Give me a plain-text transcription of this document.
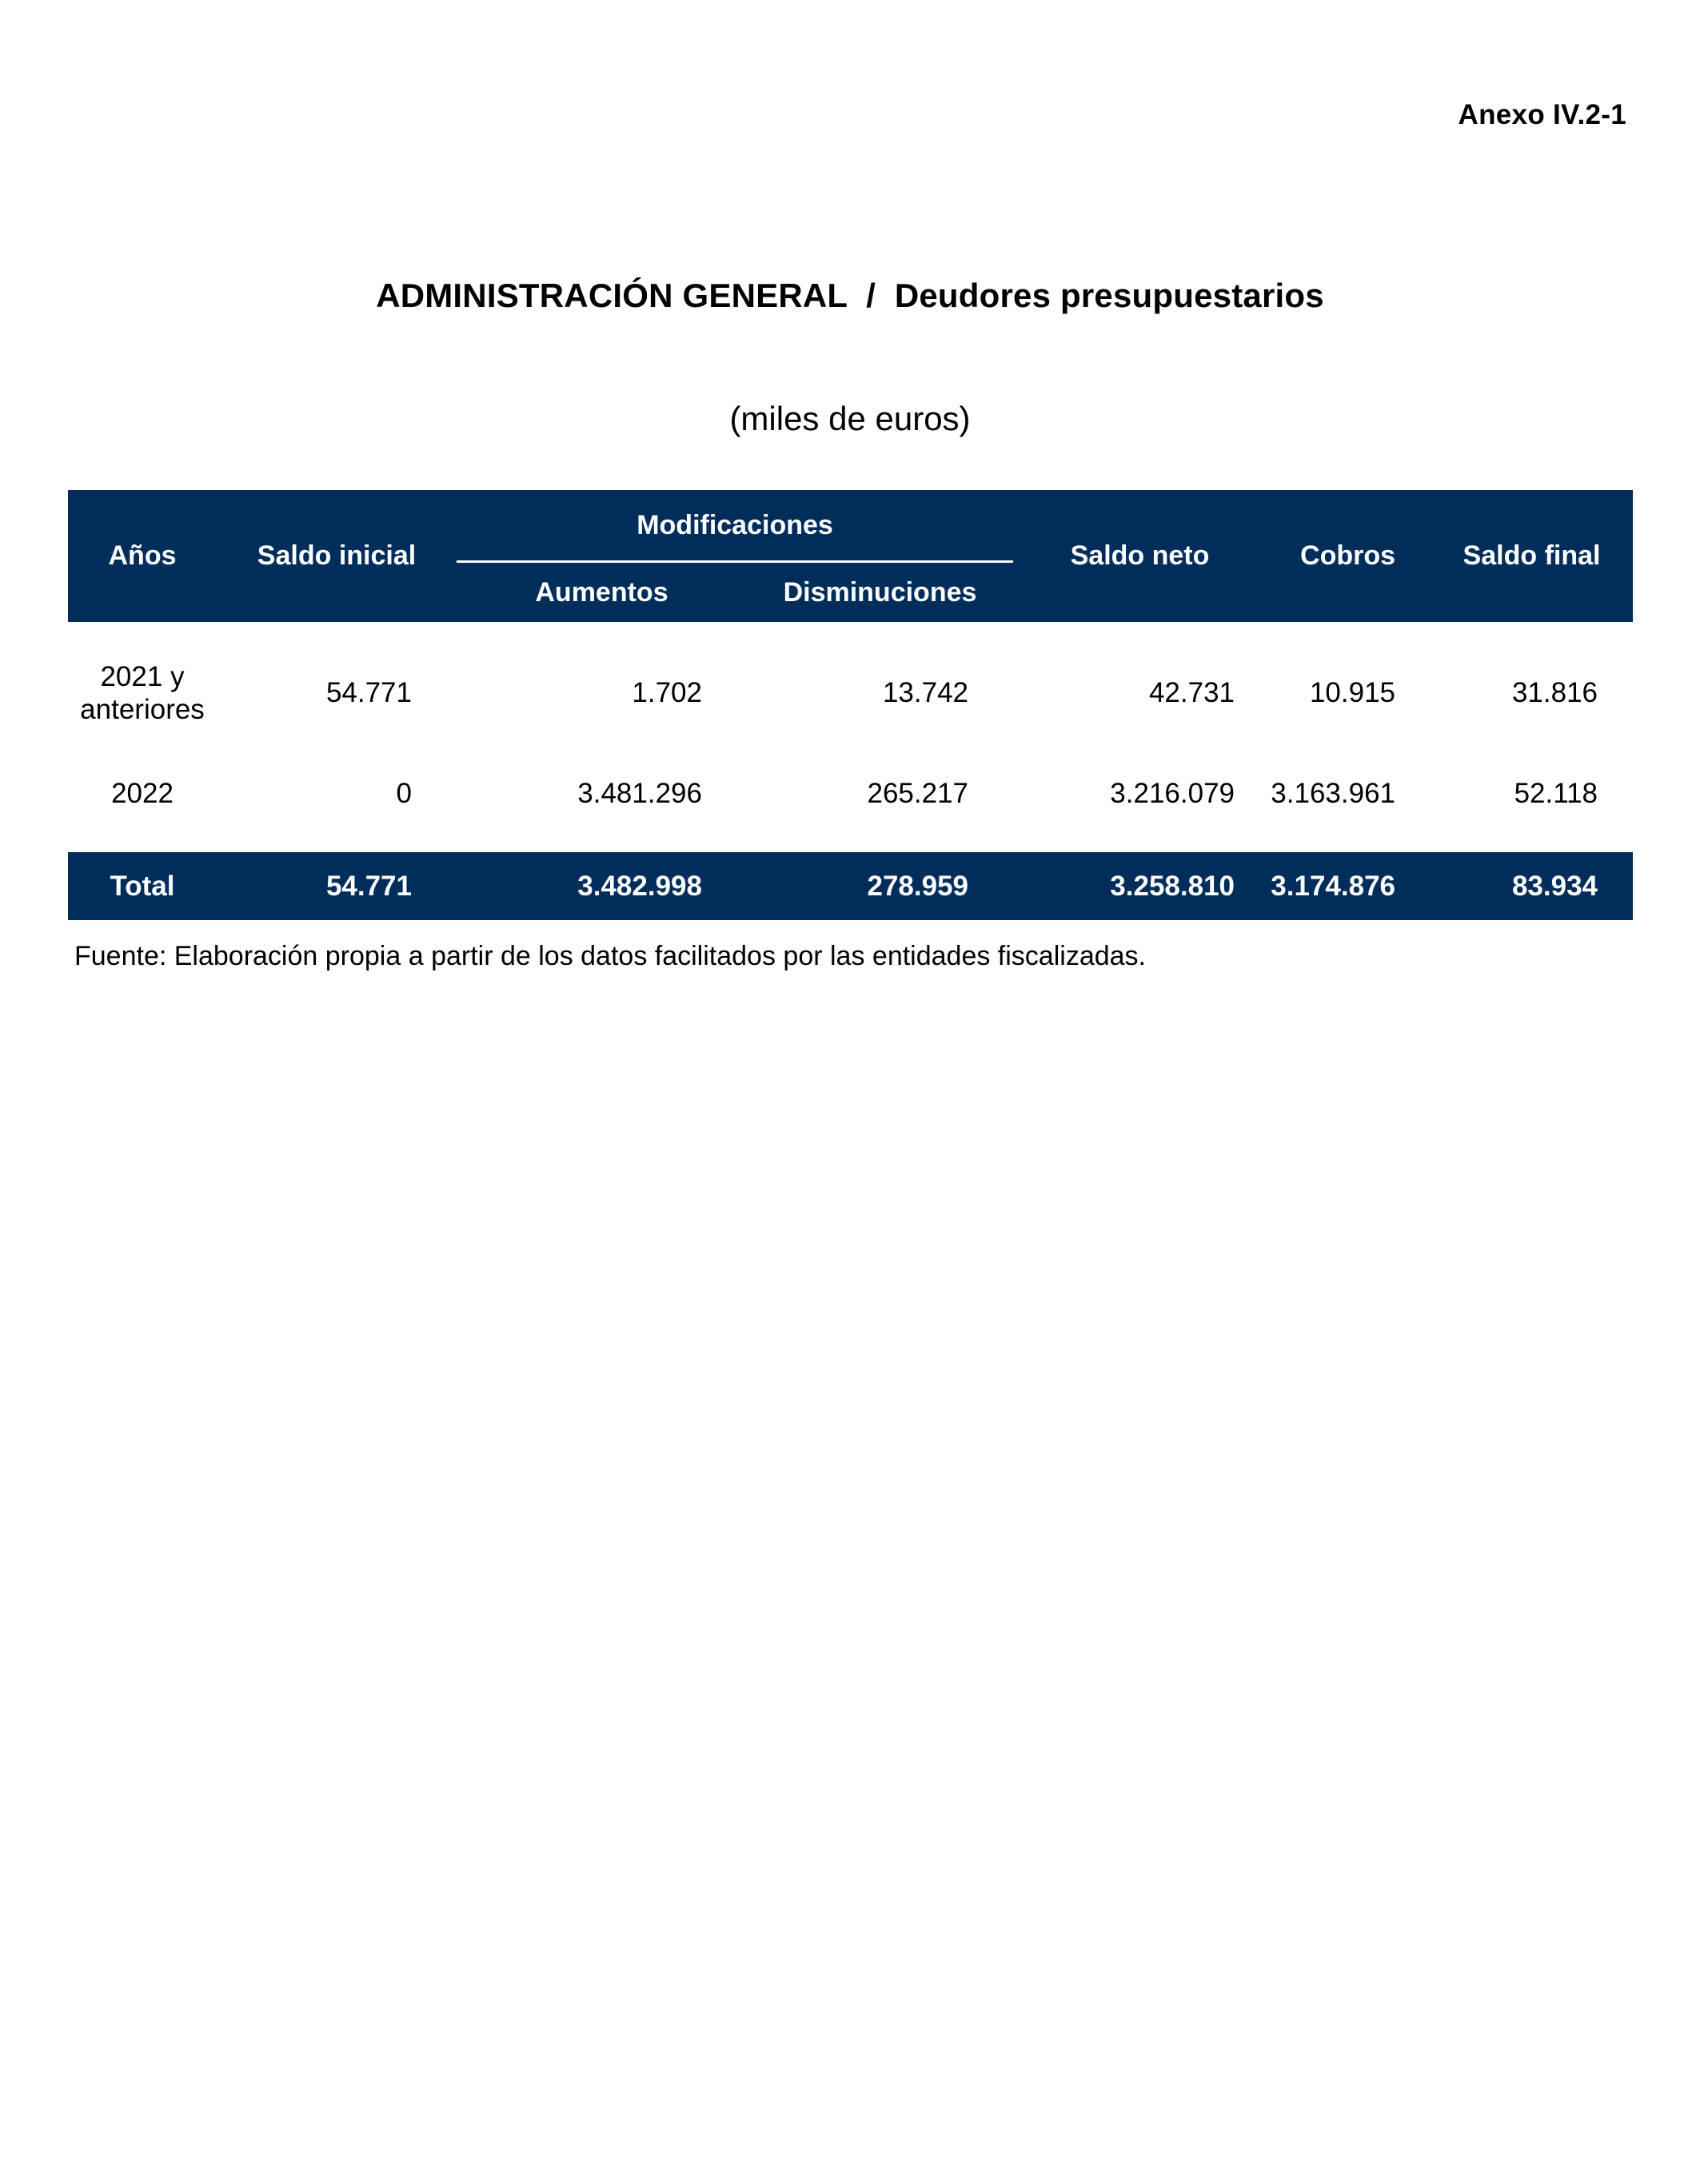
Anexo IV.2-1
ADMINISTRACIÓN GENERAL  /  Deudores presupuestarios
(miles de euros)
Años	Saldo inicial	Modificaciones		Saldo neto	Cobros	Saldo final
		Aumentos	Disminuciones			

2021 y
anteriores	54.771	1.702	13.742	42.731	10.915	31.816
2022	0	3.481.296	265.217	3.216.079	3.163.961	52.118

Total	54.771	3.482.998	278.959	3.258.810	3.174.876	83.934
Fuente: Elaboración propia a partir de los datos facilitados por las entidades fiscalizadas.
